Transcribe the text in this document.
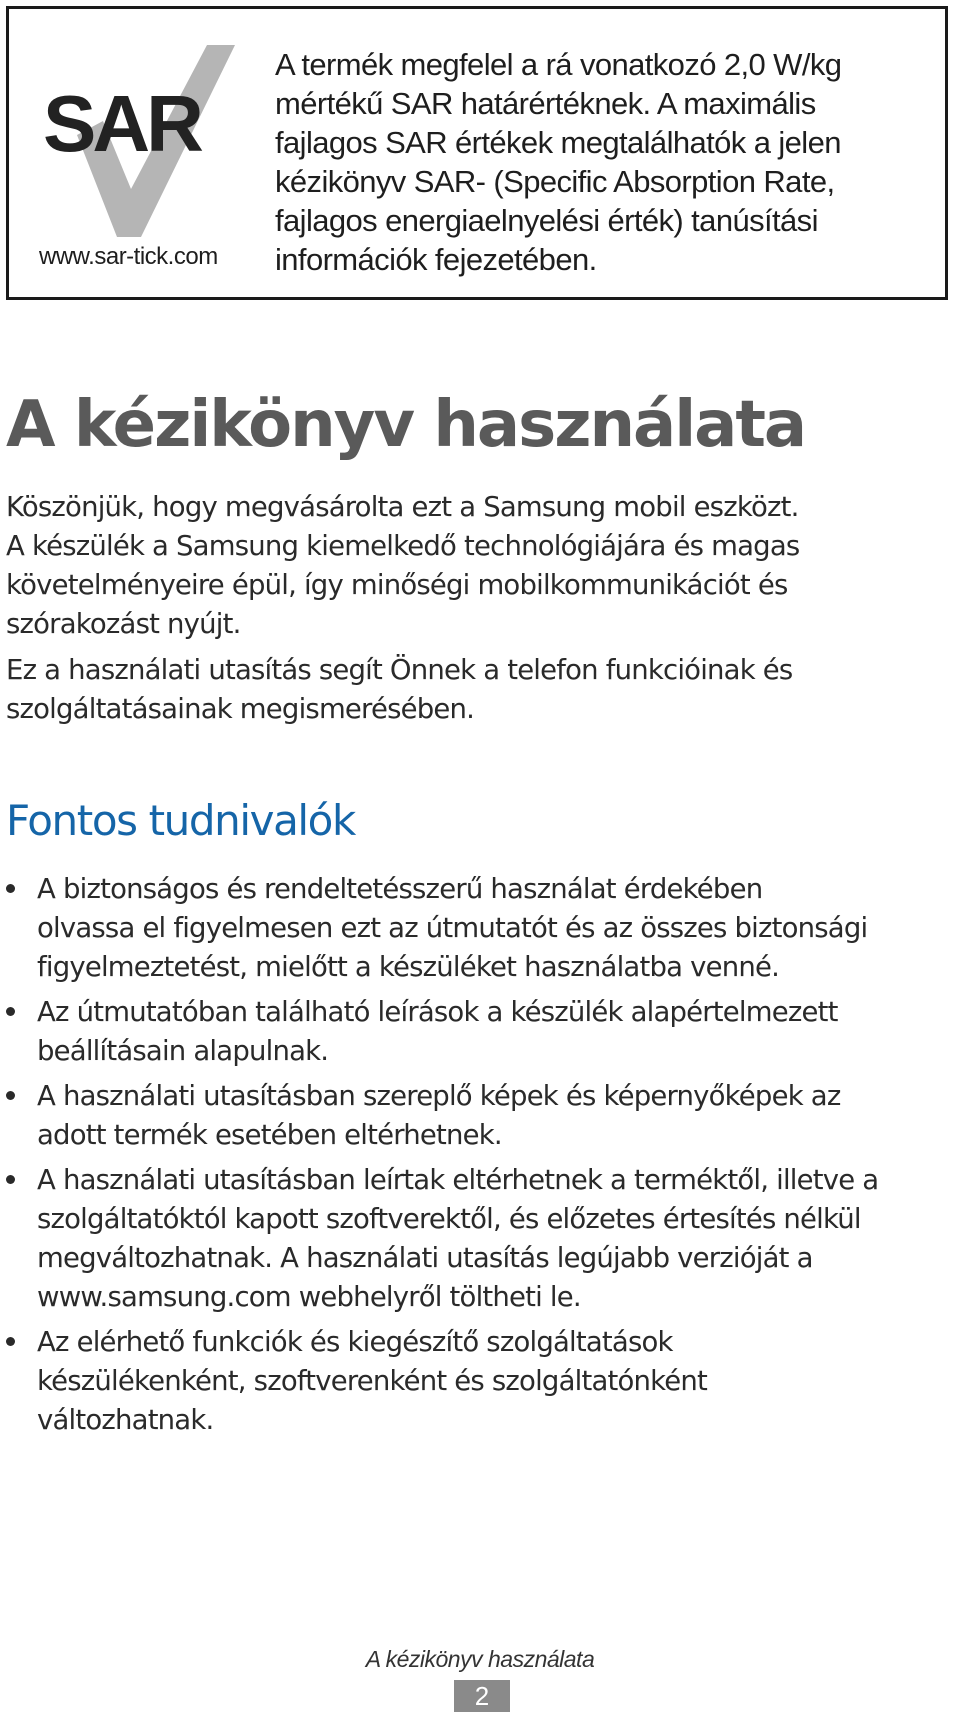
SAR
www.sar-tick.com
A termék megfelel a rá vonatkozó 2,0 W/kg
mértékű SAR határértéknek. A maximális
fajlagos SAR értékek megtalálhatók a jelen
kézikönyv SAR- (Specific Absorption Rate,
fajlagos energiaelnyelési érték) tanúsítási
információk fejezetében.
A kézikönyv használata

Köszönjük, hogy megvásárolta ezt a Samsung mobil eszközt.
A készülék a Samsung kiemelkedő technológiájára és magas
követelményeire épül, így minőségi mobilkommunikációt és
szórakozást nyújt.

Ez a használati utasítás segít Önnek a telefon funkcióinak és
szolgáltatásainak megismerésében.

Fontos tudnivalók
A biztonságos és rendeltetésszerű használat érdekében
olvassa el figyelmesen ezt az útmutatót és az összes biztonsági
figyelmeztetést, mielőtt a készüléket használatba venné.
Az útmutatóban található leírások a készülék alapértelmezett
beállításain alapulnak.
A használati utasításban szereplő képek és képernyőképek az
adott termék esetében eltérhetnek.
A használati utasításban leírtak eltérhetnek a terméktől, illetve a
szolgáltatóktól kapott szoftverektől, és előzetes értesítés nélkül
megváltozhatnak. A használati utasítás legújabb verzióját a
www.samsung.com webhelyről töltheti le.
Az elérhető funkciók és kiegészítő szolgáltatások
készülékenként, szoftverenként és szolgáltatónként
változhatnak.
A kézikönyv használata
2
